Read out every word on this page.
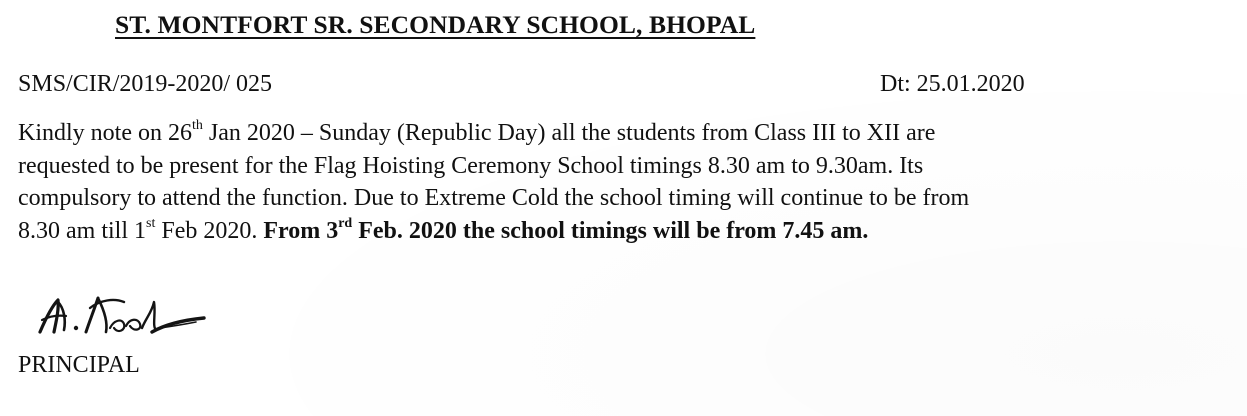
ST. MONTFORT SR. SECONDARY SCHOOL, BHOPAL
SMS/CIR/2019-2020/ 025	Dt: 25.01.2020
Kindly note on 26th Jan 2020 – Sunday (Republic Day) all the students from Class III to XII are
requested to be present for the Flag Hoisting Ceremony School timings 8.30 am to 9.30am. Its
compulsory to attend the function. Due to Extreme Cold the school timing will continue to be from
8.30 am till 1st Feb 2020. From 3rd Feb. 2020 the school timings will be from 7.45 am.
PRINCIPAL
